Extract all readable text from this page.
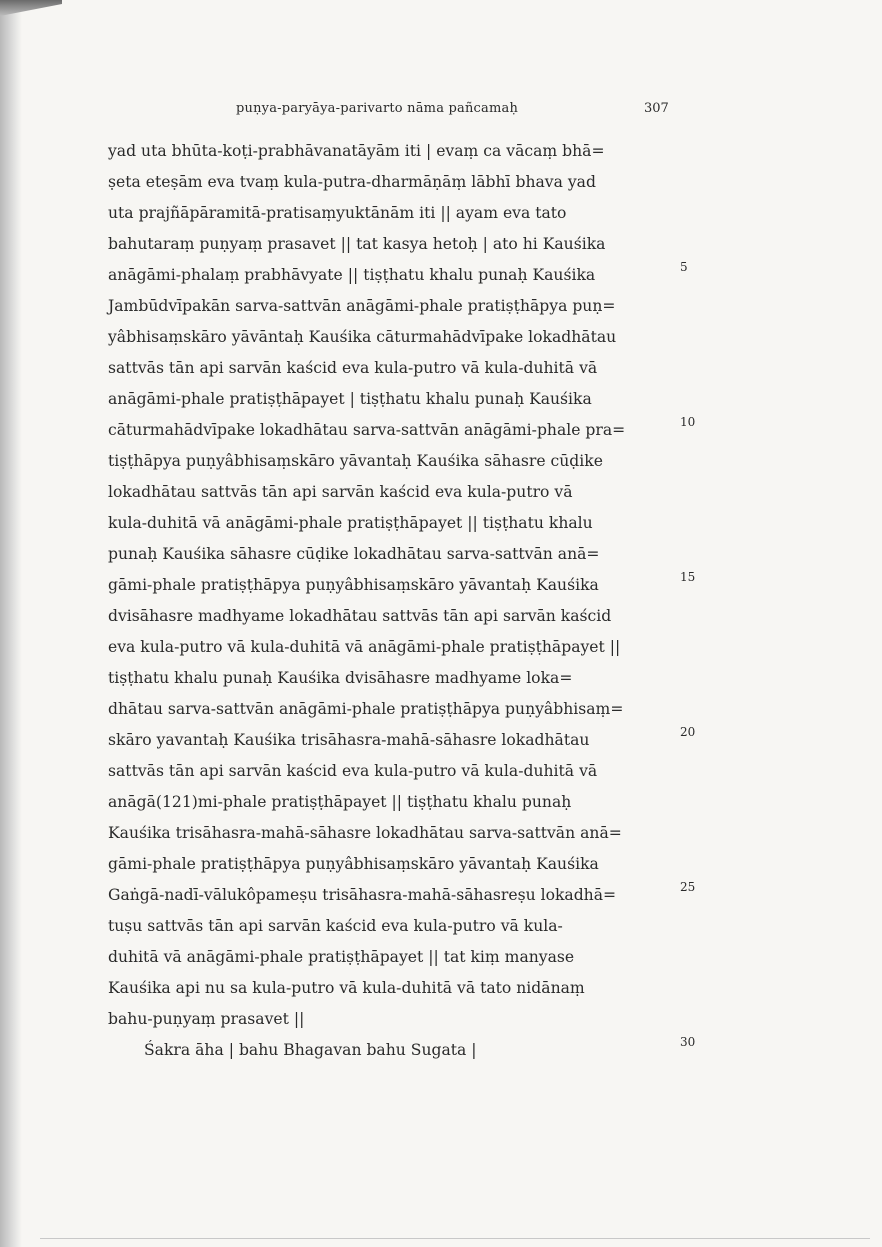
puṇya-paryāya-parivarto nāma pañcamaḥ	307
yad uta bhūta-koṭi-prabhāvanatāyām iti | evaṃ ca vācaṃ bhā=
ṣeta eteṣām eva tvaṃ kula-putra-dharmāṇāṃ lābhī bhava yad
uta prajñāpāramitā-pratisaṃyuktānām iti || ayam eva tato
bahutaraṃ puṇyaṃ prasavet || tat kasya hetoḥ | ato hi Kauśika
anāgāmi-phalaṃ prabhāvyate || tiṣṭhatu khalu punaḥ Kauśika
Jambūdvīpakān sarva-sattvān anāgāmi-phale pratiṣṭhāpya puṇ=
yâbhisaṃskāro yāvāntaḥ Kauśika cāturmahādvīpake lokadhātau
sattvās tān api sarvān kaścid eva kula-putro vā kula-duhitā vā
anāgāmi-phale pratiṣṭhāpayet | tiṣṭhatu khalu punaḥ Kauśika
cāturmahādvīpake lokadhātau sarva-sattvān anāgāmi-phale pra=
tiṣṭhāpya puṇyâbhisaṃskāro yāvantaḥ Kauśika sāhasre cūḍike
lokadhātau sattvās tān api sarvān kaścid eva kula-putro vā
kula-duhitā vā anāgāmi-phale pratiṣṭhāpayet || tiṣṭhatu khalu
punaḥ Kauśika sāhasre cūḍike lokadhātau sarva-sattvān anā=
gāmi-phale pratiṣṭhāpya puṇyâbhisaṃskāro yāvantaḥ Kauśika
dvisāhasre madhyame lokadhātau sattvās tān api sarvān kaścid
eva kula-putro vā kula-duhitā vā anāgāmi-phale pratiṣṭhāpayet ||
tiṣṭhatu khalu punaḥ Kauśika dvisāhasre madhyame loka=
dhātau sarva-sattvān anāgāmi-phale pratiṣṭhāpya puṇyâbhisaṃ=
skāro yavantaḥ Kauśika trisāhasra-mahā-sāhasre lokadhātau
sattvās tān api sarvān kaścid eva kula-putro vā kula-duhitā vā
anāgā(121)mi-phale pratiṣṭhāpayet || tiṣṭhatu khalu punaḥ
Kauśika trisāhasra-mahā-sāhasre lokadhātau sarva-sattvān anā=
gāmi-phale pratiṣṭhāpya puṇyâbhisaṃskāro yāvantaḥ Kauśika
Gaṅgā-nadī-vālukôpameṣu trisāhasra-mahā-sāhasreṣu lokadhā=
tuṣu sattvās tān api sarvān kaścid eva kula-putro vā kula-
duhitā vā anāgāmi-phale pratiṣṭhāpayet || tat kiṃ manyase
Kauśika api nu sa kula-putro vā kula-duhitā vā tato nidānaṃ
bahu-puṇyaṃ prasavet ||
Śakra āha | bahu Bhagavan bahu Sugata |
5
10
15
20
25
30
